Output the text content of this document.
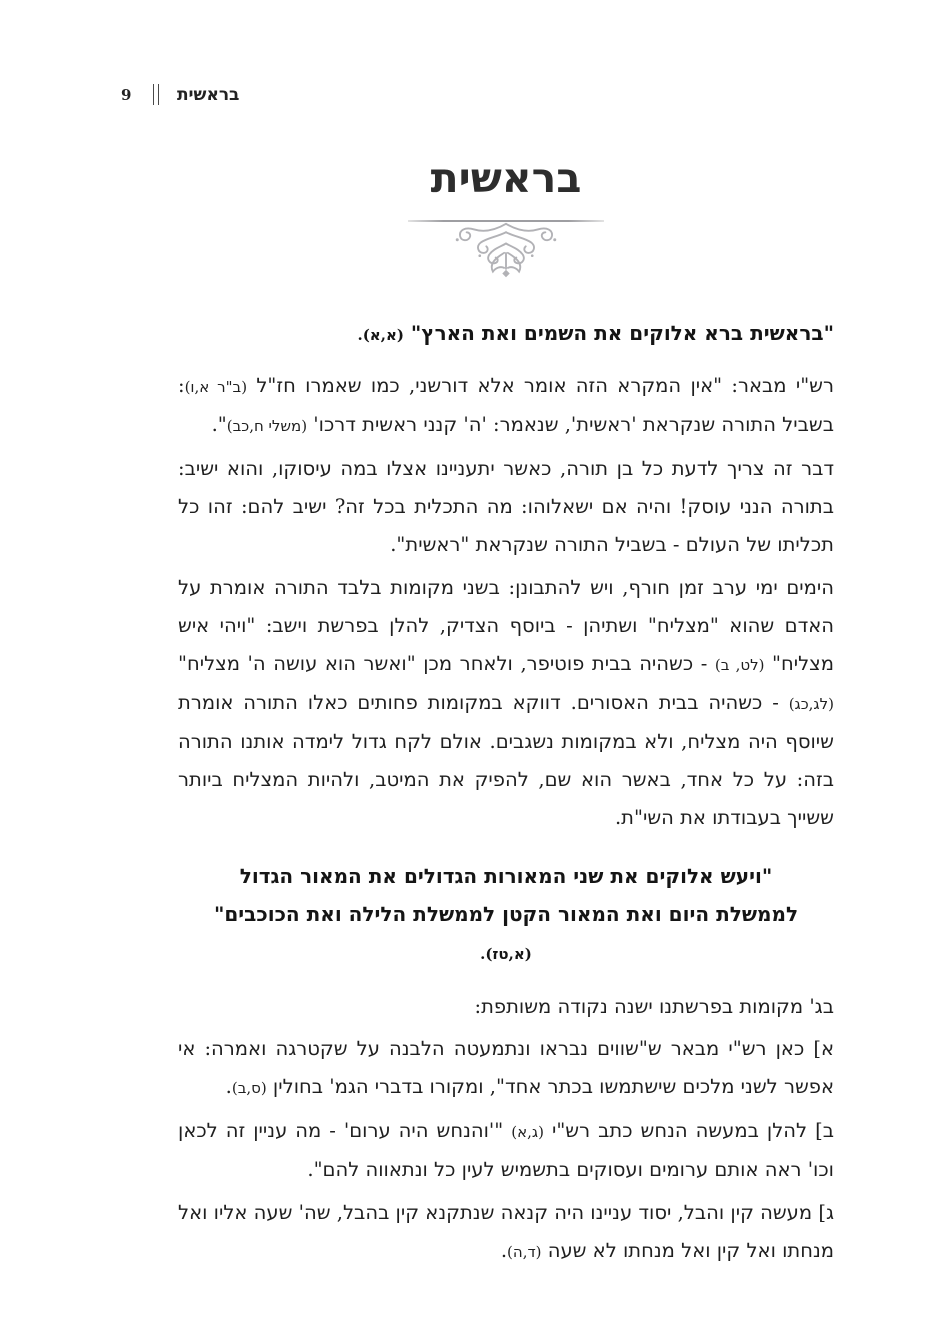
9	בראשית
בראשית

"בראשית ברא אלוקים את השמים ואת הארץ" (א,א).

רש"י מבאר: "אין המקרא הזה אומר אלא דורשני, כמו שאמרו חז"ל (ב"ר א,ו): בשביל התורה שנקראת 'ראשית', שנאמר: 'ה' קנני ראשית דרכו' (משלי ח,כב)".

דבר זה צריך לדעת כל בן תורה, כאשר יתעניינו אצלו במה עיסוקו, והוא ישיב: בתורה הנני עוסק! והיה אם ישאלוהו: מה התכלית בכל זה? ישיב להם: זהו כל תכליתו של העולם - בשביל התורה שנקראת "ראשית".

הימים ימי ערב זמן חורף, ויש להתבונן: בשני מקומות בלבד התורה אומרת על האדם שהוא "מצליח" ושתיהן - ביוסף הצדיק, להלן בפרשת וישב: "ויהי איש מצליח" (לט, ב) - כשהיה בבית פוטיפר, ולאחר מכן "ואשר הוא עושה ה' מצליח" (לג,כג) - כשהיה בבית האסורים. דווקא במקומות פחותים כאלו התורה אומרת שיוסף היה מצליח, ולא במקומות נשגבים. אולם לקח גדול לימדה אותנו התורה בזה: על כל אחד, באשר הוא שם, להפיק את המיטב, ולהיות המצליח ביותר ששייך בעבודתו את השי"ת.

"ויעש אלוקים את שני המאורות הגדולים את המאור הגדול לממשלת היום ואת המאור הקטן לממשלת הלילה ואת הכוכבים" (א,טז).

בג' מקומות בפרשתנו ישנה נקודה משותפת:

א] כאן רש"י מבאר ש"שווים נבראו ונתמעטה הלבנה על שקטרגה ואמרה: אי אפשר לשני מלכים שישתמשו בכתר אחד", ומקורו בדברי הגמ' בחולין (ס,ב).

ב] להלן במעשה הנחש כתב רש"י (ג,א) "'והנחש היה ערום' - מה עניין זה לכאן וכו' ראה אותם ערומים ועסוקים בתשמיש לעין כל ונתאווה להם".

ג] מעשה קין והבל, יסוד עניינו היה קנאה שנתקנא קין בהבל, שה' שעה אליו ואל מנחתו ואל קין ואל מנחתו לא שעה (ד,ה).
